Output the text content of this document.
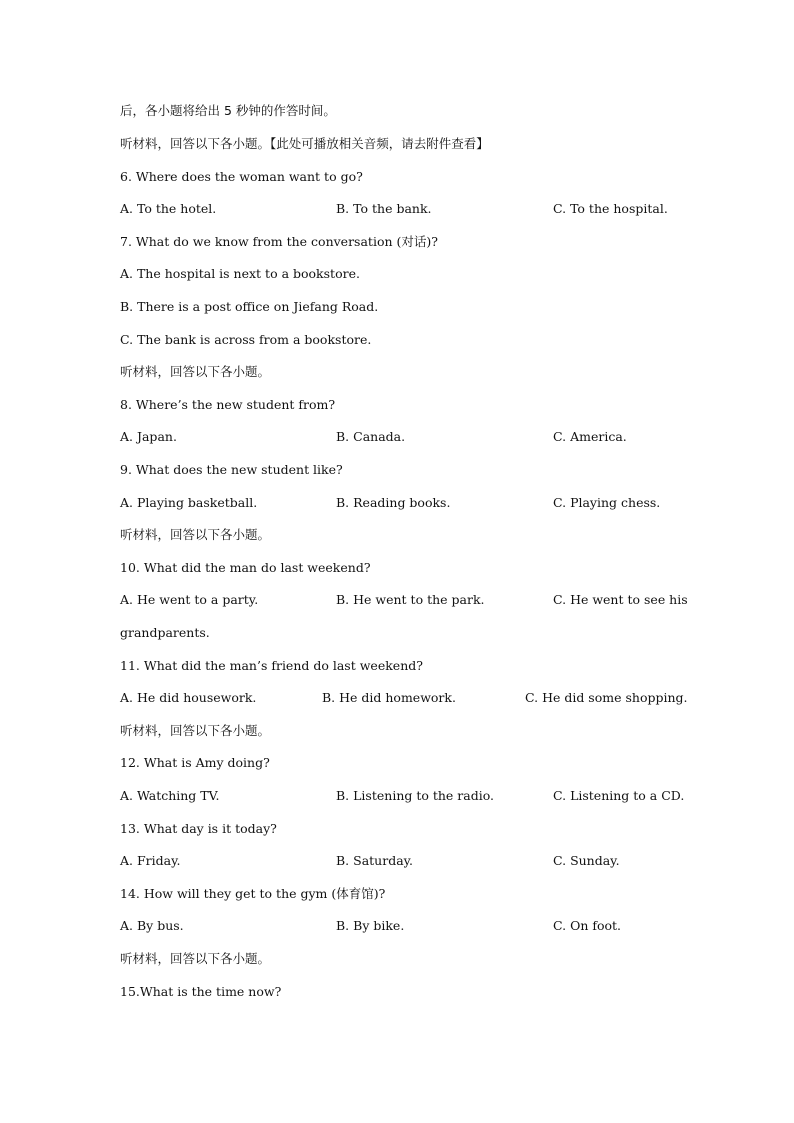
后，各小题将给出 5 秒钟的作答时间。
听材料，回答以下各小题。【此处可播放相关音频，请去附件查看】
6. Where does the woman want to go?
A. To the hotel.	B. To the bank.	C. To the hospital.
7. What do we know from the conversation (对话)?
A. The hospital is next to a bookstore.
B. There is a post office on Jiefang Road.
C. The bank is across from a bookstore.
听材料，回答以下各小题。
8. Where’s the new student from?
A. Japan.	B. Canada.	C. America.
9. What does the new student like?
A. Playing basketball.	B. Reading books.	C. Playing chess.
听材料，回答以下各小题。
10. What did the man do last weekend?
A. He went to a party.	B. He went to the park.	C. He went to see his
grandparents.
11. What did the man’s friend do last weekend?
A. He did housework.	B. He did homework.	C. He did some shopping.
听材料，回答以下各小题。
12. What is Amy doing?
A. Watching TV.	B. Listening to the radio.	C. Listening to a CD.
13. What day is it today?
A. Friday.	B. Saturday.	C. Sunday.
14. How will they get to the gym (体育馆)?
A. By bus.	B. By bike.	C. On foot.
听材料，回答以下各小题。
15.What is the time now?
